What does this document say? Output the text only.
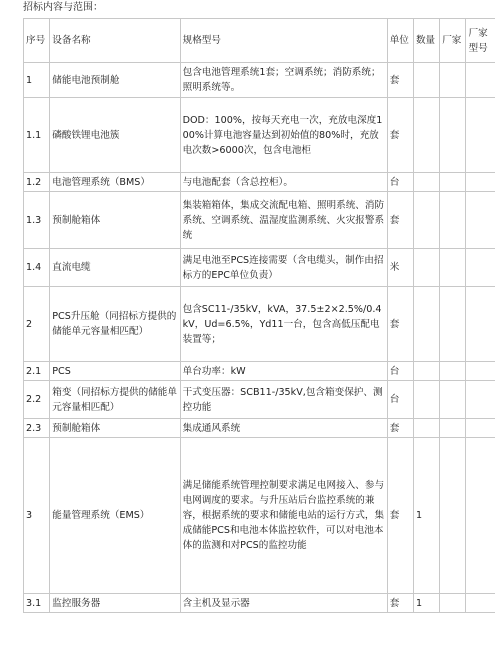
招标内容与范围：
序号	设备名称	规格型号	单位	数量	厂家	厂家型号
1	储能电池预制舱	包含电池管理系统1套；空调系统；消防系统；照明系统等。	套			
1.1	磷酸铁锂电池簇	DOD：100%，按每天充电一次，充放电深度100%计算电池容量达到初始值的80%时，充放电次数>6000次，包含电池柜	套			
1.2	电池管理系统（BMS）	与电池配套（含总控柜）。	台			
1.3	预制舱箱体	集装箱箱体，集成交流配电箱、照明系统、消防系统、空调系统、温湿度监测系统、火灾报警系统	套			
1.4	直流电缆	满足电池至PCS连接需要（含电缆头，制作由招标方的EPC单位负责）	米			
2	PCS升压舱（同招标方提供的储能单元容量相匹配）	包含SC11-/35kV，kVA，37.5±2×2.5%/0.4kV，Ud=6.5%，Yd11一台，包含高低压配电装置等；	套			
2.1	PCS	单台功率：kW	台			
2.2	箱变（同招标方提供的储能单元容量相匹配）	干式变压器：SCB11-/35kV,包含箱变保护、测控功能	台			
2.3	预制舱箱体	集成通风系统	套			
3	能量管理系统（EMS）	满足储能系统管理控制要求满足电网接入、参与电网调度的要求。与升压站后台监控系统的兼容，根据系统的要求和储能电站的运行方式，集成储能PCS和电池本体监控软件，可以对电池本体的监测和对PCS的监控功能	套	1		
3.1	监控服务器	含主机及显示器	套	1		
